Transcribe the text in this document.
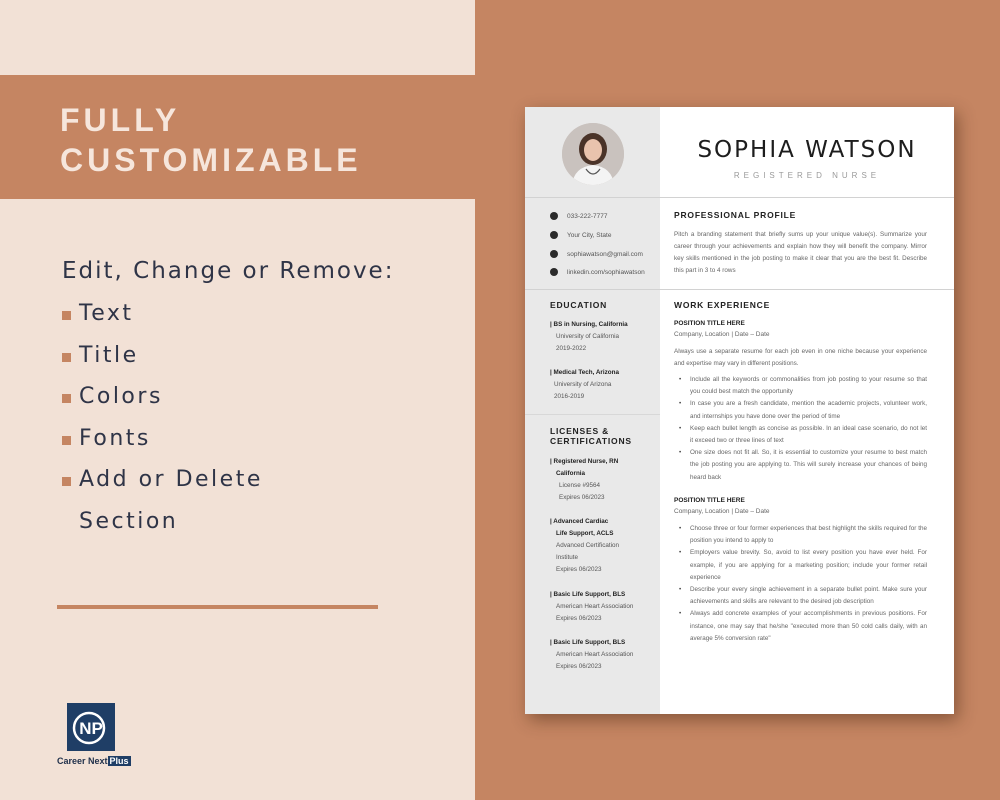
FULLY
CUSTOMIZABLE
Edit, Change or Remove:
Text
Title
Colors
Fonts
Add or Delete
Section
NP
Career Next Plus
SOPHIA WATSON
REGISTERED NURSE
033-222-7777
Your City, State
sophiawatson@gmail.com
linkedin.com/sophiawatson
EDUCATION
| BS in Nursing, California
University of California
2019-2022
| Medical Tech, Arizona
University of Arizona
2016-2019
LICENSES &
CERTIFICATIONS
| Registered Nurse, RN
California
License #9564
Expires 06/2023
| Advanced Cardiac
Life Support, ACLS
Advanced Certification
Institute
Expires 06/2023
| Basic Life Support, BLS
American Heart Association
Expires 06/2023
| Basic Life Support, BLS
American Heart Association
Expires 06/2023
PROFESSIONAL PROFILE
Pitch a branding statement that briefly sums up your unique value(s). Summarize your career through your achievements and explain how they will benefit the company. Mirror key skills mentioned in the job posting to make it clear that you are the best fit. Describe this part in 3 to 4 rows
WORK EXPERIENCE
POSITION TITLE HERE
Company, Location | Date – Date
Always use a separate resume for each job even in one niche because your experience and expertise may vary in different positions.
• Include all the keywords or commonalities from job posting to your resume so that you could best match the opportunity
• In case you are a fresh candidate, mention the academic projects, volunteer work, and internships you have done over the period of time
• Keep each bullet length as concise as possible. In an ideal case scenario, do not let it exceed two or three lines of text
• One size does not fit all. So, it is essential to customize your resume to best match the job posting you are applying to. This will surely increase your chances of being heard back
POSITION TITLE HERE
Company, Location | Date – Date
• Choose three or four former experiences that best highlight the skills required for the position you intend to apply to
• Employers value brevity. So, avoid to list every position you have ever held. For example, if you are applying for a marketing position; include your former retail experience
• Describe your every single achievement in a separate bullet point. Make sure your achievements and skills are relevant to the desired job description
• Always add concrete examples of your accomplishments in previous positions. For instance, one may say that he/she "executed more than 50 cold calls daily, with an average 5% conversion rate"
